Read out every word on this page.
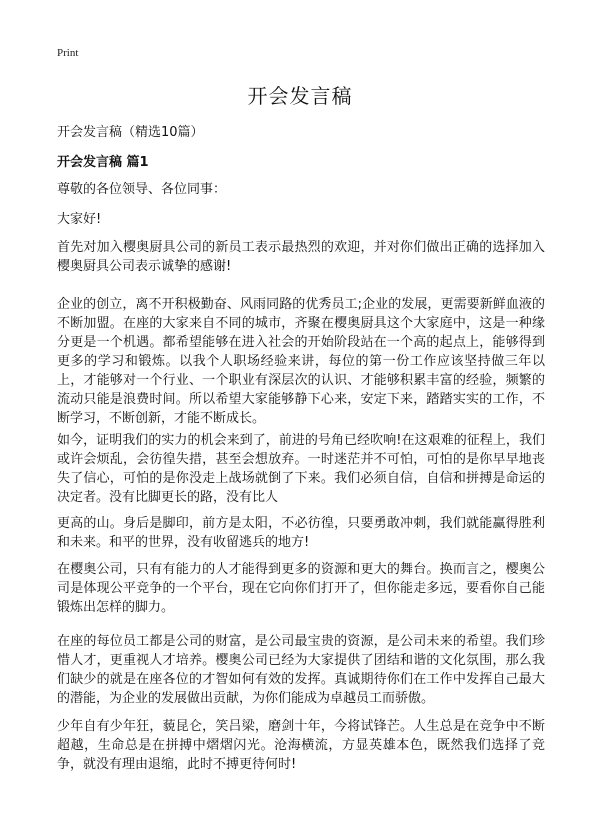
Print
开会发言稿

开会发言稿（精选10篇）

开会发言稿 篇1

尊敬的各位领导、各位同事：

大家好!

首先对加入樱奥厨具公司的新员工表示最热烈的欢迎，并对你们做出正确的选择加入樱奥厨具公司表示诚挚的感谢!

企业的创立，离不开积极勤奋、风雨同路的优秀员工;企业的发展，更需要新鲜血液的不断加盟。在座的大家来自不同的城市，齐聚在樱奥厨具这个大家庭中，这是一种缘分更是一个机遇。都希望能够在进入社会的开始阶段站在一个高的起点上，能够得到更多的学习和锻炼。以我个人职场经验来讲，每位的第一份工作应该坚持做三年以上，才能够对一个行业、一个职业有深层次的认识、才能够积累丰富的经验，频繁的流动只能是浪费时间。所以希望大家能够静下心来，安定下来，踏踏实实的工作，不断学习，不断创新，才能不断成长。

如今，证明我们的实力的机会来到了，前进的号角已经吹响!在这艰难的征程上，我们或许会烦乱，会彷徨失措，甚至会想放弃。一时迷茫并不可怕，可怕的是你早早地丧失了信心，可怕的是你没走上战场就倒了下来。我们必须自信，自信和拼搏是命运的决定者。没有比脚更长的路，没有比人

更高的山。身后是脚印，前方是太阳，不必彷徨，只要勇敢冲刺，我们就能赢得胜利和未来。和平的世界，没有收留逃兵的地方!

在樱奥公司，只有有能力的人才能得到更多的资源和更大的舞台。换而言之，樱奥公司是体现公平竞争的一个平台，现在它向你们打开了，但你能走多远，要看你自己能锻炼出怎样的脚力。

在座的每位员工都是公司的财富，是公司最宝贵的资源，是公司未来的希望。我们珍惜人才，更重视人才培养。樱奥公司已经为大家提供了团结和谐的文化氛围，那么我们缺少的就是在座各位的才智如何有效的发挥。真诚期待你们在工作中发挥自己最大的潜能，为企业的发展做出贡献，为你们能成为卓越员工而骄傲。

少年自有少年狂，藐昆仑，笑吕梁，磨剑十年，今将试锋芒。人生总是在竞争中不断超越，生命总是在拼搏中熠熠闪光。沧海横流，方显英雄本色，既然我们选择了竞争，就没有理由退缩，此时不搏更待何时!
